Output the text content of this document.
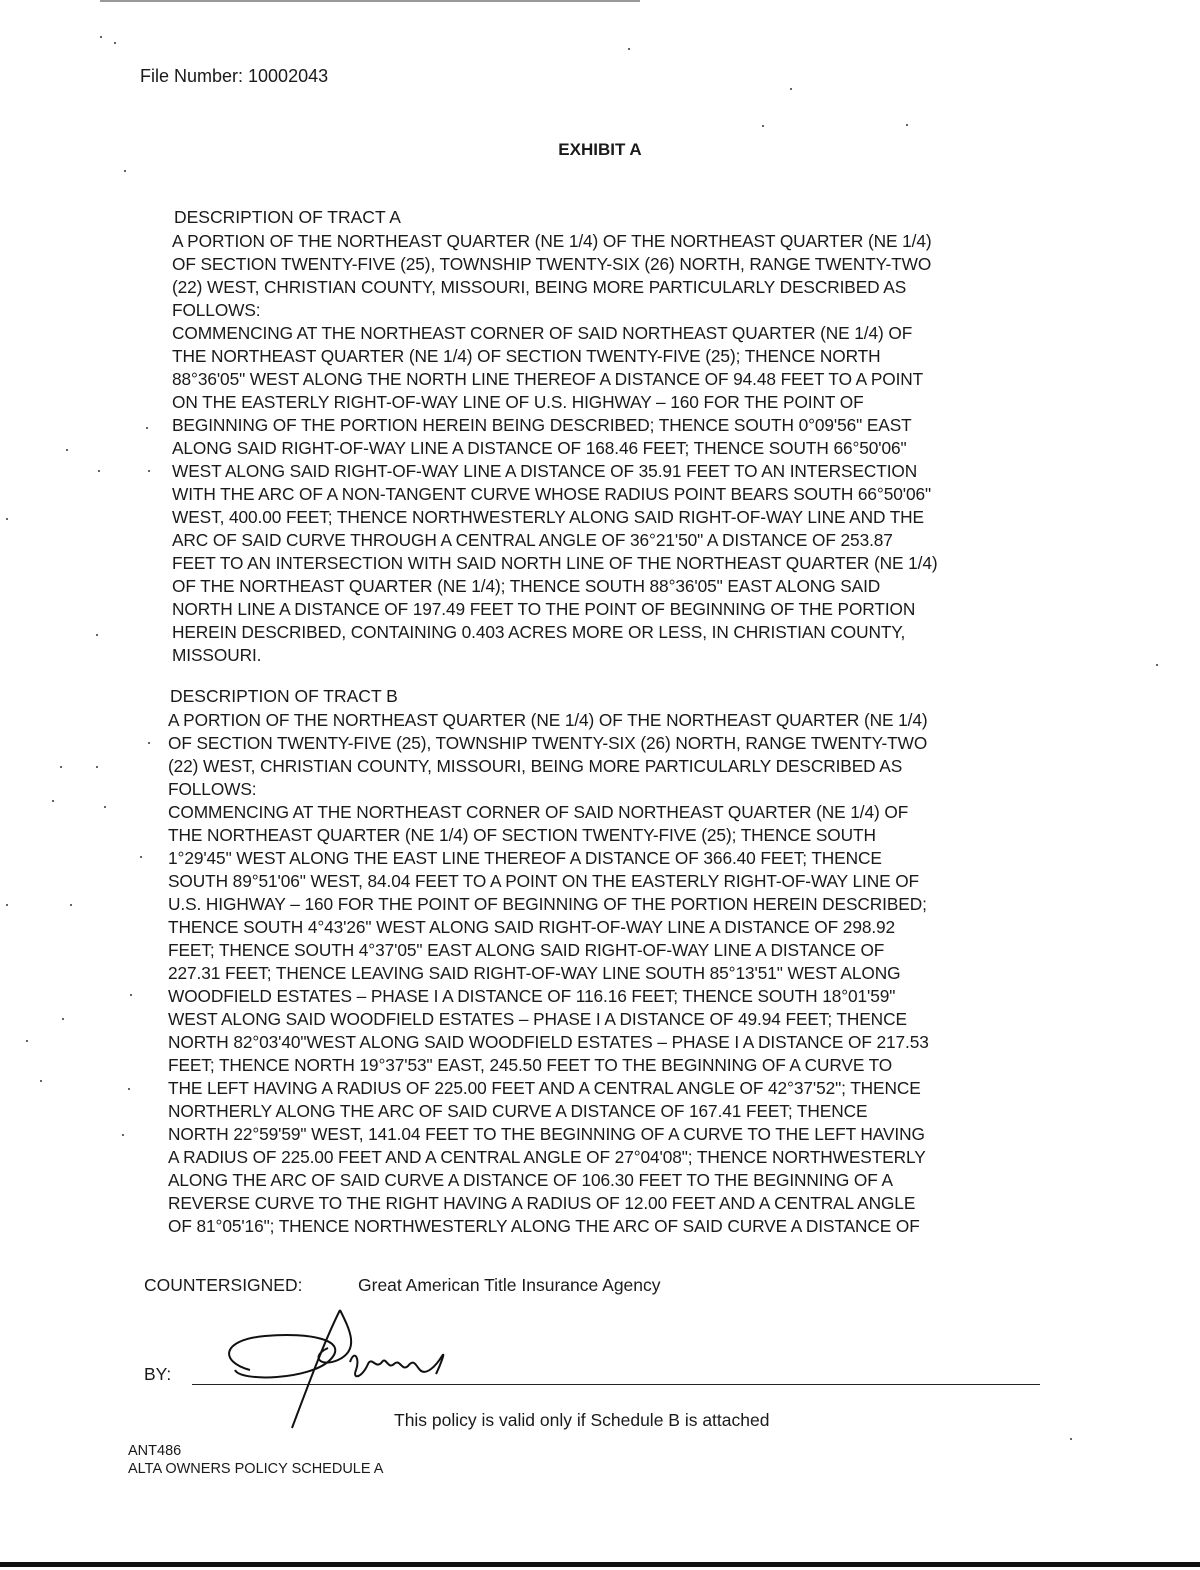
File Number: 10002043
EXHIBIT A
DESCRIPTION OF TRACT A
A PORTION OF THE NORTHEAST QUARTER (NE 1/4) OF THE NORTHEAST QUARTER (NE 1/4)
OF SECTION TWENTY-FIVE (25), TOWNSHIP TWENTY-SIX (26) NORTH, RANGE TWENTY-TWO
(22) WEST, CHRISTIAN COUNTY, MISSOURI, BEING MORE PARTICULARLY DESCRIBED AS
FOLLOWS:
COMMENCING AT THE NORTHEAST CORNER OF SAID NORTHEAST QUARTER (NE 1/4) OF
THE NORTHEAST QUARTER (NE 1/4) OF SECTION TWENTY-FIVE (25); THENCE NORTH
88°36'05" WEST ALONG THE NORTH LINE THEREOF A DISTANCE OF 94.48 FEET TO A POINT
ON THE EASTERLY RIGHT-OF-WAY LINE OF U.S. HIGHWAY – 160 FOR THE POINT OF
BEGINNING OF THE PORTION HEREIN BEING DESCRIBED; THENCE SOUTH 0°09'56" EAST
ALONG SAID RIGHT-OF-WAY LINE A DISTANCE OF 168.46 FEET; THENCE SOUTH 66°50'06"
WEST ALONG SAID RIGHT-OF-WAY LINE A DISTANCE OF 35.91 FEET TO AN INTERSECTION
WITH THE ARC OF A NON-TANGENT CURVE WHOSE RADIUS POINT BEARS SOUTH 66°50'06"
WEST, 400.00 FEET; THENCE NORTHWESTERLY ALONG SAID RIGHT-OF-WAY LINE AND THE
ARC OF SAID CURVE THROUGH A CENTRAL ANGLE OF 36°21'50" A DISTANCE OF 253.87
FEET TO AN INTERSECTION WITH SAID NORTH LINE OF THE NORTHEAST QUARTER (NE 1/4)
OF THE NORTHEAST QUARTER (NE 1/4); THENCE SOUTH 88°36'05" EAST ALONG SAID
NORTH LINE A DISTANCE OF 197.49 FEET TO THE POINT OF BEGINNING OF THE PORTION
HEREIN DESCRIBED, CONTAINING 0.403 ACRES MORE OR LESS, IN CHRISTIAN COUNTY,
MISSOURI.
DESCRIPTION OF TRACT B
A PORTION OF THE NORTHEAST QUARTER (NE 1/4) OF THE NORTHEAST QUARTER (NE 1/4)
OF SECTION TWENTY-FIVE (25), TOWNSHIP TWENTY-SIX (26) NORTH, RANGE TWENTY-TWO
(22) WEST, CHRISTIAN COUNTY, MISSOURI, BEING MORE PARTICULARLY DESCRIBED AS
FOLLOWS:
COMMENCING AT THE NORTHEAST CORNER OF SAID NORTHEAST QUARTER (NE 1/4) OF
THE NORTHEAST QUARTER (NE 1/4) OF SECTION TWENTY-FIVE (25); THENCE SOUTH
1°29'45" WEST ALONG THE EAST LINE THEREOF A DISTANCE OF 366.40 FEET; THENCE
SOUTH 89°51'06" WEST, 84.04 FEET TO A POINT ON THE EASTERLY RIGHT-OF-WAY LINE OF
U.S. HIGHWAY – 160 FOR THE POINT OF BEGINNING OF THE PORTION HEREIN DESCRIBED;
THENCE SOUTH 4°43'26" WEST ALONG SAID RIGHT-OF-WAY LINE A DISTANCE OF 298.92
FEET; THENCE SOUTH 4°37'05" EAST ALONG SAID RIGHT-OF-WAY LINE A DISTANCE OF
227.31 FEET; THENCE LEAVING SAID RIGHT-OF-WAY LINE SOUTH 85°13'51" WEST ALONG
WOODFIELD ESTATES – PHASE I A DISTANCE OF 116.16 FEET; THENCE SOUTH 18°01'59"
WEST ALONG SAID WOODFIELD ESTATES – PHASE I A DISTANCE OF 49.94 FEET; THENCE
NORTH 82°03'40"WEST ALONG SAID WOODFIELD ESTATES – PHASE I A DISTANCE OF 217.53
FEET; THENCE NORTH 19°37'53" EAST, 245.50 FEET TO THE BEGINNING OF A CURVE TO
THE LEFT HAVING A RADIUS OF 225.00 FEET AND A CENTRAL ANGLE OF 42°37'52"; THENCE
NORTHERLY ALONG THE ARC OF SAID CURVE A DISTANCE OF 167.41 FEET; THENCE
NORTH 22°59'59" WEST, 141.04 FEET TO THE BEGINNING OF A CURVE TO THE LEFT HAVING
A RADIUS OF 225.00 FEET AND A CENTRAL ANGLE OF 27°04'08"; THENCE NORTHWESTERLY
ALONG THE ARC OF SAID CURVE A DISTANCE OF 106.30 FEET TO THE BEGINNING OF A
REVERSE CURVE TO THE RIGHT HAVING A RADIUS OF 12.00 FEET AND A CENTRAL ANGLE
OF 81°05'16"; THENCE NORTHWESTERLY ALONG THE ARC OF SAID CURVE A DISTANCE OF
COUNTERSIGNED:	Great American Title Insurance Agency
BY:
This policy is valid only if Schedule B is attached
ANT486
ALTA OWNERS POLICY SCHEDULE A
